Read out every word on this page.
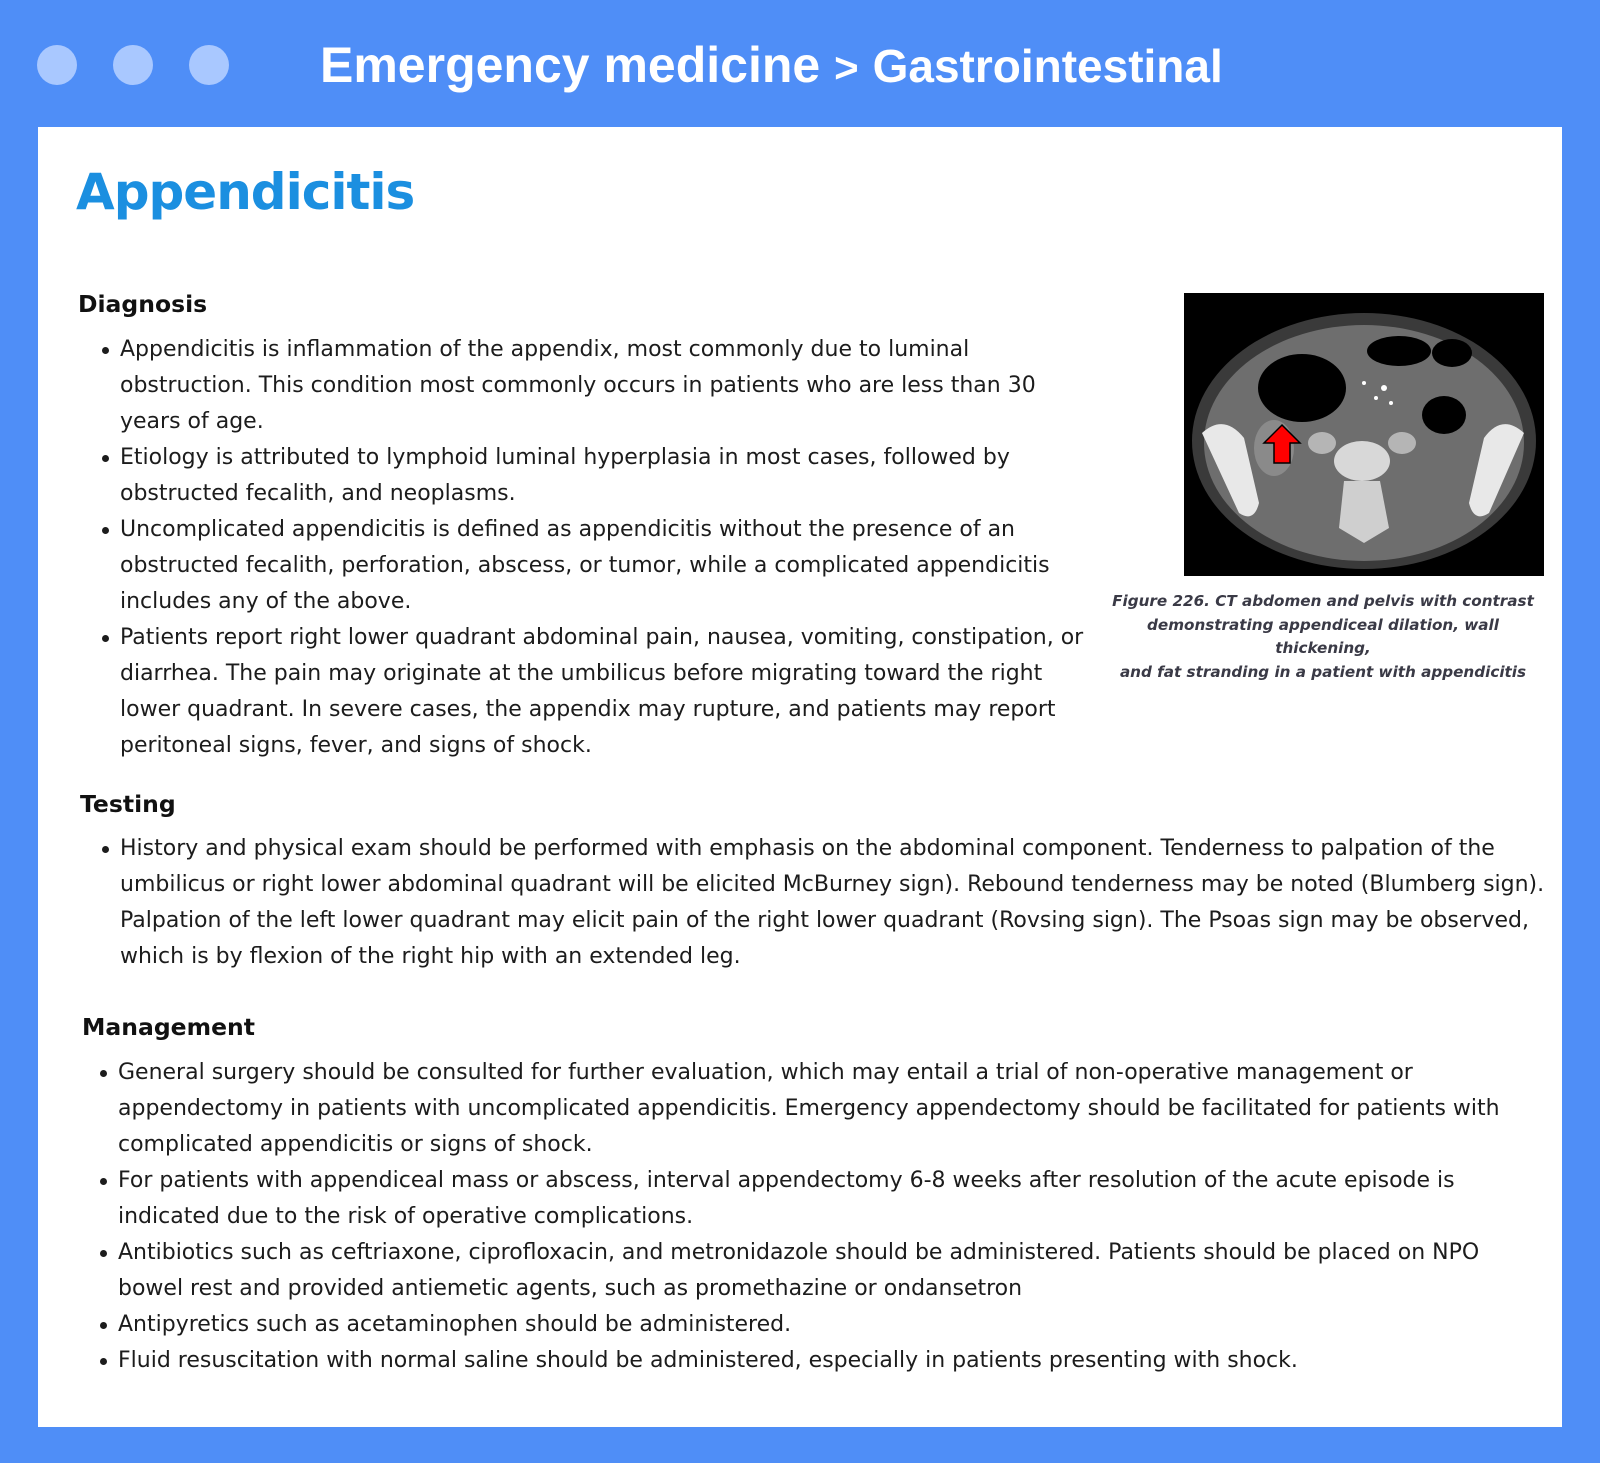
Emergency medicine > Gastrointestinal
Appendicitis
Diagnosis
Appendicitis is inflammation of the appendix, most commonly due to luminal obstruction. This condition most commonly occurs in patients who are less than 30 years of age.
Etiology is attributed to lymphoid luminal hyperplasia in most cases, followed by obstructed fecalith, and neoplasms.
Uncomplicated appendicitis is defined as appendicitis without the presence of an obstructed fecalith, perforation, abscess, or tumor, while a complicated appendicitis includes any of the above.
Patients report right lower quadrant abdominal pain, nausea, vomiting, constipation, or diarrhea. The pain may originate at the umbilicus before migrating toward the right lower quadrant. In severe cases, the appendix may rupture, and patients may report peritoneal signs, fever, and signs of shock.

Figure 226. CT abdomen and pelvis with contrast
demonstrating appendiceal dilation, wall thickening,
and fat stranding in a patient with appendicitis

Testing
History and physical exam should be performed with emphasis on the abdominal component. Tenderness to palpation of the umbilicus or right lower abdominal quadrant will be elicited McBurney sign). Rebound tenderness may be noted (Blumberg sign). Palpation of the left lower quadrant may elicit pain of the right lower quadrant (Rovsing sign). The Psoas sign may be observed, which is by flexion of the right hip with an extended leg.
Management
General surgery should be consulted for further evaluation, which may entail a trial of non-operative management or appendectomy in patients with uncomplicated appendicitis. Emergency appendectomy should be facilitated for patients with complicated appendicitis or signs of shock.
For patients with appendiceal mass or abscess, interval appendectomy 6-8 weeks after resolution of the acute episode is indicated due to the risk of operative complications.
Antibiotics such as ceftriaxone, ciprofloxacin, and metronidazole should be administered. Patients should be placed on NPO bowel rest and provided antiemetic agents, such as promethazine or ondansetron
Antipyretics such as acetaminophen should be administered.
Fluid resuscitation with normal saline should be administered, especially in patients presenting with shock.
